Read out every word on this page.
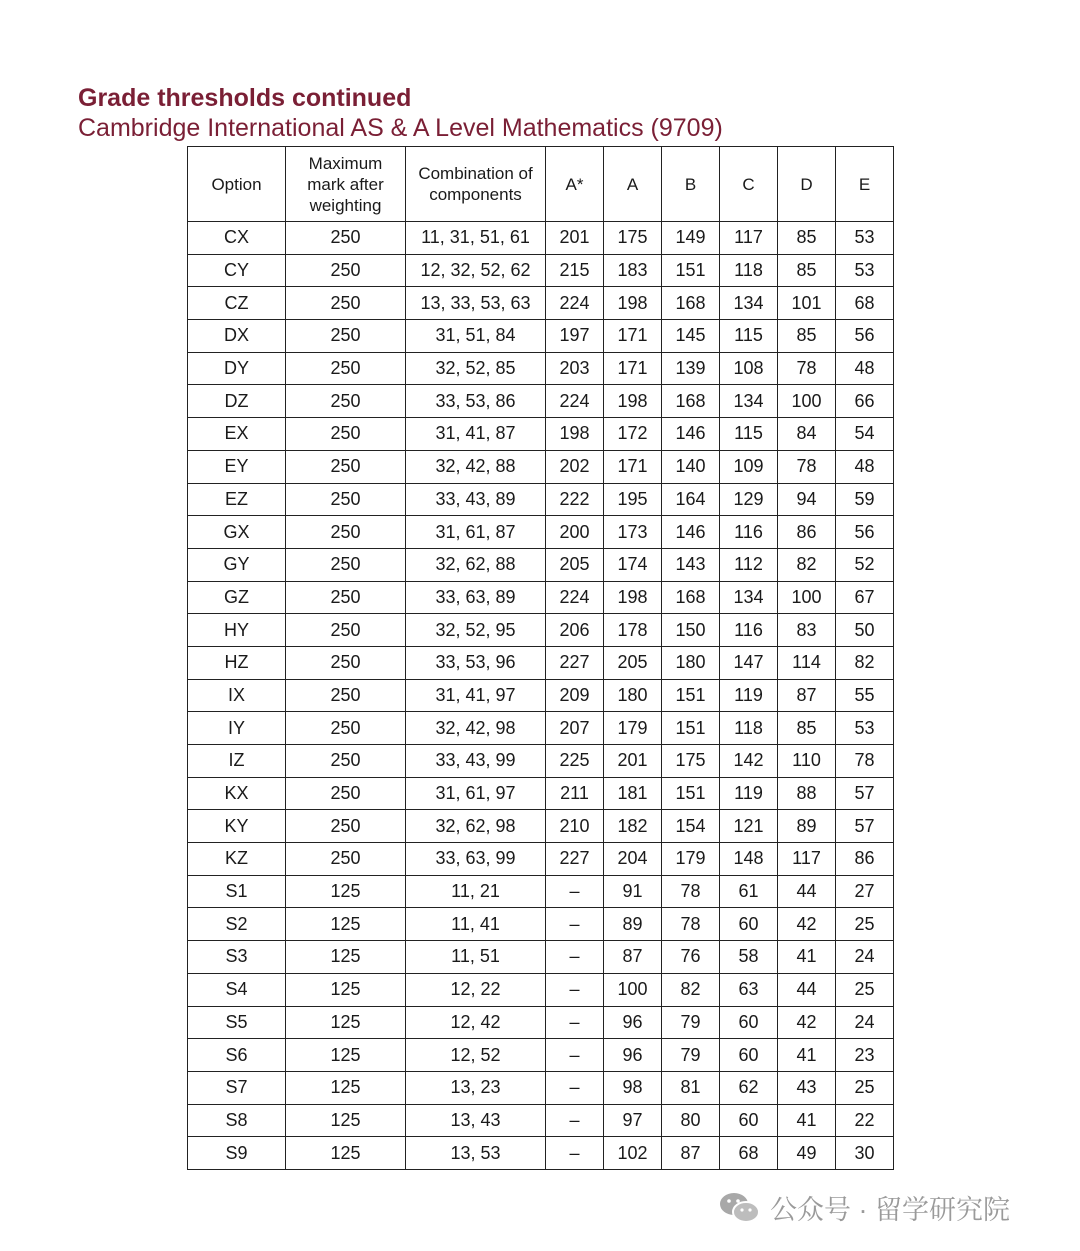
Grade thresholds continued
Cambridge International AS & A Level Mathematics (9709)
Option	Maximum mark after weighting	Combination of components	A*	A	B	C	D	E
CX	250	11, 31, 51, 61	201	175	149	117	85	53
CY	250	12, 32, 52, 62	215	183	151	118	85	53
CZ	250	13, 33, 53, 63	224	198	168	134	101	68
DX	250	31, 51, 84	197	171	145	115	85	56
DY	250	32, 52, 85	203	171	139	108	78	48
DZ	250	33, 53, 86	224	198	168	134	100	66
EX	250	31, 41, 87	198	172	146	115	84	54
EY	250	32, 42, 88	202	171	140	109	78	48
EZ	250	33, 43, 89	222	195	164	129	94	59
GX	250	31, 61, 87	200	173	146	116	86	56
GY	250	32, 62, 88	205	174	143	112	82	52
GZ	250	33, 63, 89	224	198	168	134	100	67
HY	250	32, 52, 95	206	178	150	116	83	50
HZ	250	33, 53, 96	227	205	180	147	114	82
IX	250	31, 41, 97	209	180	151	119	87	55
IY	250	32, 42, 98	207	179	151	118	85	53
IZ	250	33, 43, 99	225	201	175	142	110	78
KX	250	31, 61, 97	211	181	151	119	88	57
KY	250	32, 62, 98	210	182	154	121	89	57
KZ	250	33, 63, 99	227	204	179	148	117	86
S1	125	11, 21	–	91	78	61	44	27
S2	125	11, 41	–	89	78	60	42	25
S3	125	11, 51	–	87	76	58	41	24
S4	125	12, 22	–	100	82	63	44	25
S5	125	12, 42	–	96	79	60	42	24
S6	125	12, 52	–	96	79	60	41	23
S7	125	13, 23	–	98	81	62	43	25
S8	125	13, 43	–	97	80	60	41	22
S9	125	13, 53	–	102	87	68	49	30
公众号 · 留学研究院
